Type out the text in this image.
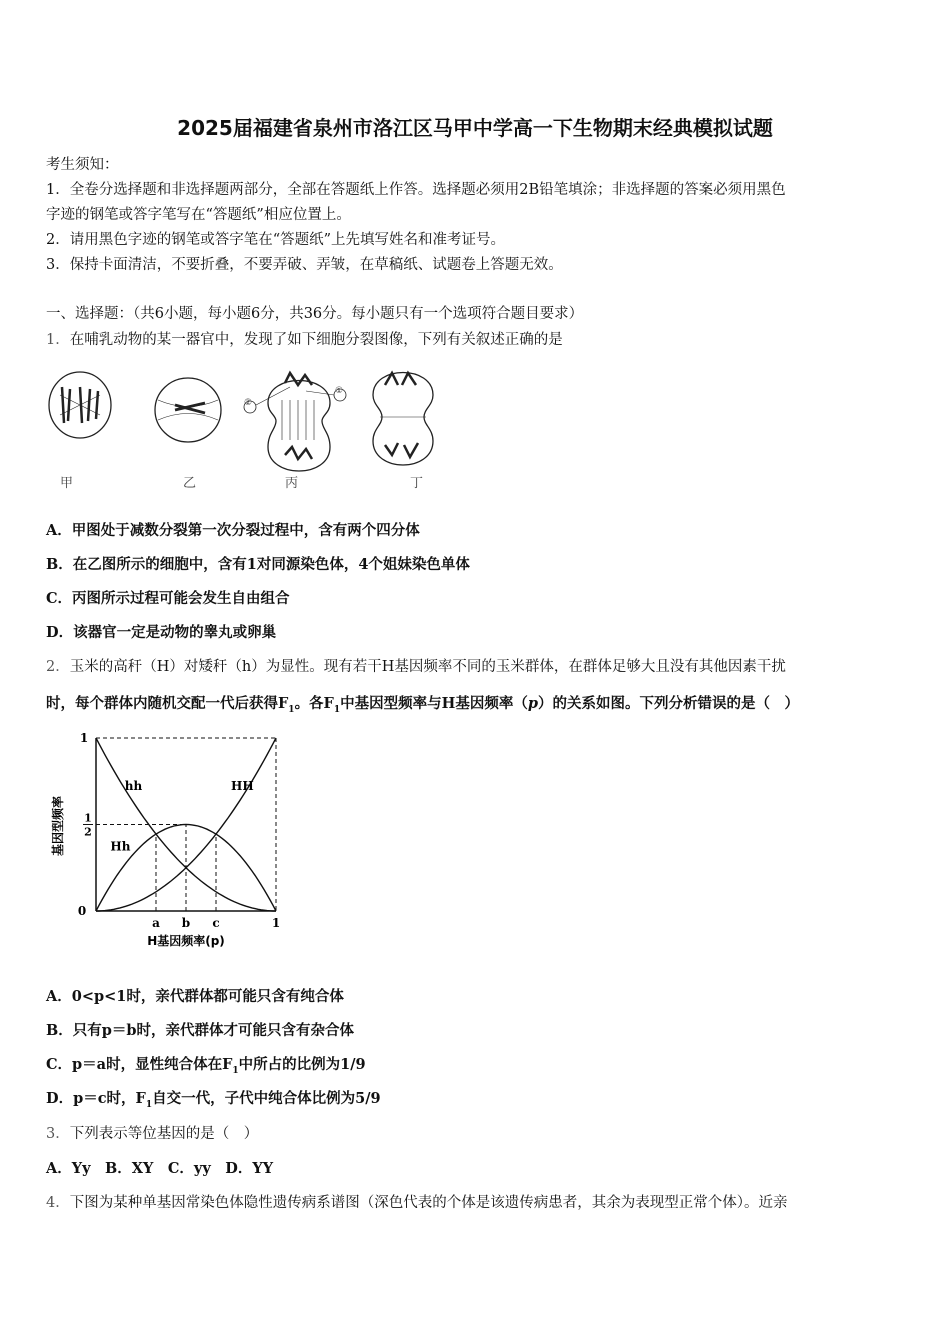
2025届福建省泉州市洛江区马甲中学高一下生物期末经典模拟试题
考生须知：
1．全卷分选择题和非选择题两部分，全部在答题纸上作答。选择题必须用2B铅笔填涂；非选择题的答案必须用黑色
字迹的钢笔或答字笔写在“答题纸”相应位置上。
2．请用黑色字迹的钢笔或答字笔在“答题纸”上先填写姓名和准考证号。
3．保持卡面清洁，不要折叠，不要弄破、弄皱，在草稿纸、试题卷上答题无效。
一、选择题：（共6小题，每小题6分，共36分。每小题只有一个选项符合题目要求）
1．在哺乳动物的某一器官中，发现了如下细胞分裂图像，下列有关叙述正确的是
甲	乙	丙	丁
②
①
A．甲图处于减数分裂第一次分裂过程中，含有两个四分体
B．在乙图所示的细胞中，含有1对同源染色体，4个姐妹染色单体
C．丙图所示过程可能会发生自由组合
D．该器官一定是动物的睾丸或卵巢
2．玉米的高秆（H）对矮秆（h）为显性。现有若干H基因频率不同的玉米群体，在群体足够大且没有其他因素干扰
时，每个群体内随机交配一代后获得$F_1$。各$F_1$中基因型频率与H基因频率（p）的关系如图。下列分析错误的是（　）
hh	HH
Hh
0
a b c	1
1
1
2
H基因频率(p)
基因型频率
A．0<p<1时，亲代群体都可能只含有纯合体
B．只有p＝b时，亲代群体才可能只含有杂合体
C．p＝a时，显性纯合体在$F_1$中所占的比例为1/9
D．p＝c时，$F_1$自交一代，子代中纯合体比例为5/9
3．下列表示等位基因的是（　）
A．Yy　B．XY　C．yy　D．YY
4．下图为某种单基因常染色体隐性遗传病系谱图（深色代表的个体是该遗传病患者，其余为表现型正常个体）。近亲
